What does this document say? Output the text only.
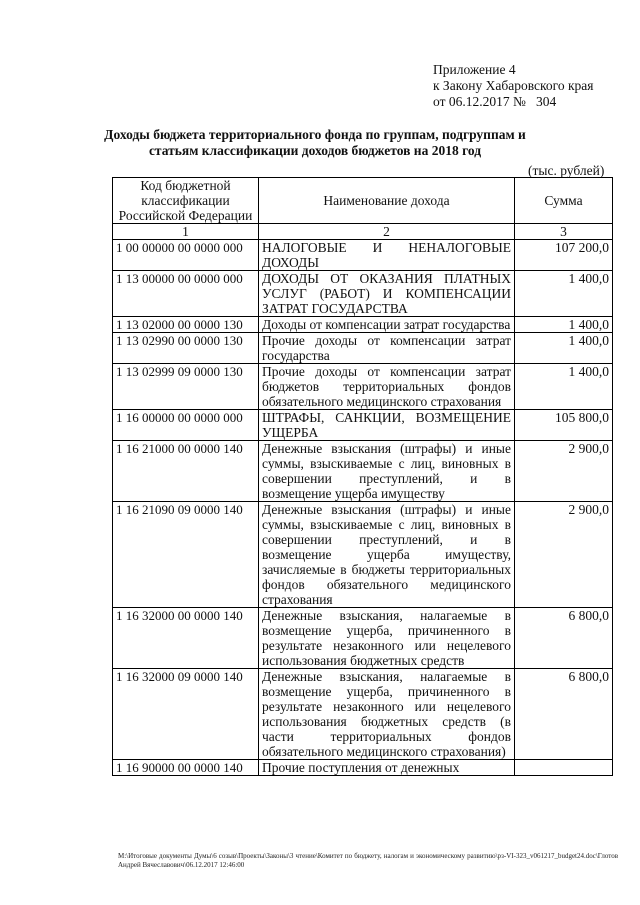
Приложение 4
к Закону Хабаровского края
от 06.12.2017 №   304
Доходы бюджета территориального фонда по группам, подгруппам и статьям классификации доходов бюджетов на 2018 год
(тыс. рублей)
Код бюджетной классификации Российской Федерации	Наименование дохода	Сумма
1	2	3
1 00 00000 00 0000 000	НАЛОГОВЫЕ И НЕНАЛОГОВЫЕ ДОХОДЫ	107 200,0
1 13 00000 00 0000 000	ДОХОДЫ ОТ ОКАЗАНИЯ ПЛАТНЫХ УСЛУГ (РАБОТ) И КОМПЕНСАЦИИ ЗАТРАТ ГОСУДАРСТВА	1 400,0
1 13 02000 00 0000 130	Доходы от компенсации затрат государства	1 400,0
1 13 02990 00 0000 130	Прочие доходы от компенсации затрат государства	1 400,0
1 13 02999 09 0000 130	Прочие доходы от компенсации затрат бюджетов территориальных фондов обязательного медицинского страхования	1 400,0
1 16 00000 00 0000 000	ШТРАФЫ, САНКЦИИ, ВОЗМЕЩЕНИЕ УЩЕРБА	105 800,0
1 16 21000 00 0000 140	Денежные взыскания (штрафы) и иные суммы, взыскиваемые с лиц, виновных в совершении преступлений, и в возмещение ущерба имуществу	2 900,0
1 16 21090 09 0000 140	Денежные взыскания (штрафы) и иные суммы, взыскиваемые с лиц, виновных в совершении преступлений, и в возмещение ущерба имуществу, зачисляемые в бюджеты территориальных фондов обязательного медицинского страхования	2 900,0
1 16 32000 00 0000 140	Денежные взыскания, налагаемые в возмещение ущерба, причиненного в результате незаконного или нецелевого использования бюджетных средств	6 800,0
1 16 32000 09 0000 140	Денежные взыскания, налагаемые в возмещение ущерба, причиненного в результате незаконного или нецелевого использования бюджетных средств (в части территориальных фондов обязательного медицинского страхования)	6 800,0
1 16 90000 00 0000 140	Прочие поступления от денежных	
М:\Итоговые документы Думы\6 созыв\Проекты\Законы\3 чтение\Комитет по бюджету, налогам и экономическому развитию\рз-VI-323_v061217_budget24.doc\Глотов Андрей Вячеславович\06.12.2017 12:46:00
